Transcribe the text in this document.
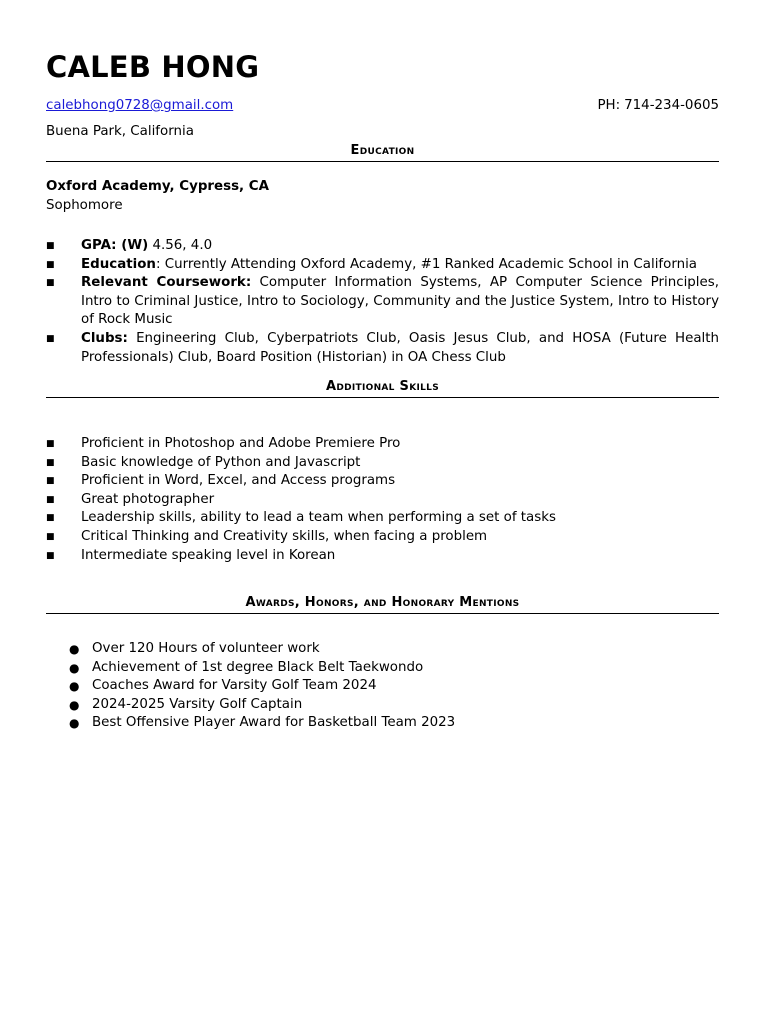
CALEB HONG
calebhong0728@gmail.com	PH: 714-234-0605
Buena Park, California
Education
Oxford Academy, Cypress, CA
Sophomore
■ GPA: (W) 4.56, 4.0
■ Education: Currently Attending Oxford Academy, #1 Ranked Academic School in California
■ Relevant Coursework: Computer Information Systems, AP Computer Science Principles, Intro to Criminal Justice, Intro to Sociology, Community and the Justice System, Intro to History of Rock Music
■ Clubs: Engineering Club, Cyberpatriots Club, Oasis Jesus Club, and HOSA (Future Health Professionals) Club, Board Position (Historian) in OA Chess Club
Additional Skills
■ Proficient in Photoshop and Adobe Premiere Pro
■ Basic knowledge of Python and Javascript
■ Proficient in Word, Excel, and Access programs
■ Great photographer
■ Leadership skills, ability to lead a team when performing a set of tasks
■ Critical Thinking and Creativity skills, when facing a problem
■ Intermediate speaking level in Korean
Awards, Honors, and Honorary Mentions
● Over 120 Hours of volunteer work
● Achievement of 1st degree Black Belt Taekwondo
● Coaches Award for Varsity Golf Team 2024
● 2024-2025 Varsity Golf Captain
● Best Offensive Player Award for Basketball Team 2023
